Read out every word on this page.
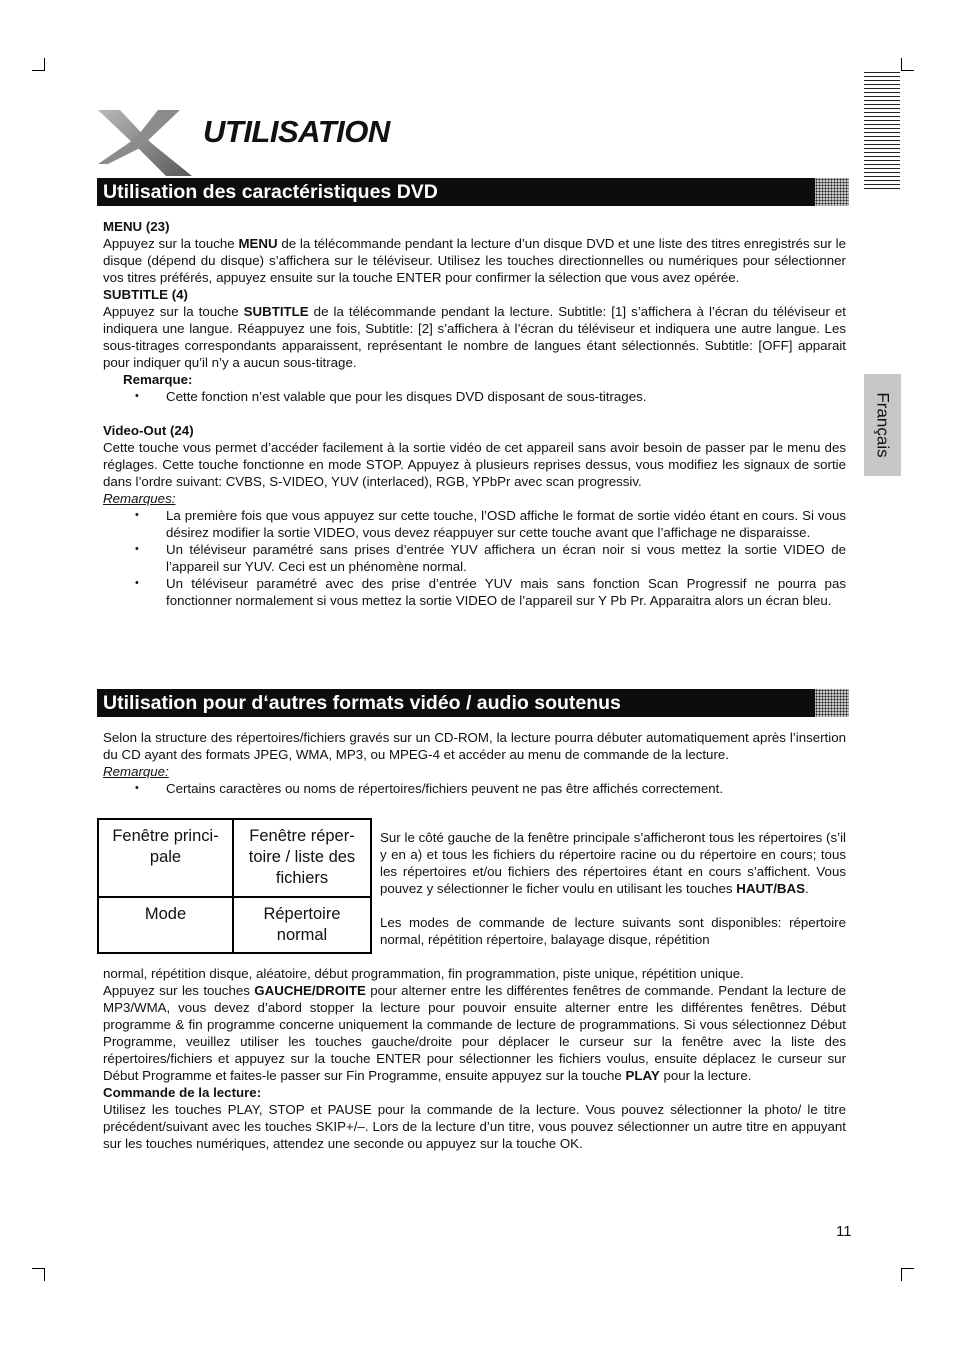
Français
UTILISATION
Utilisation des caractéristiques DVD

MENU (23)

Appuyez sur la touche MENU de la télécommande pendant la lecture d’un disque DVD et une liste des titres enregistrés sur le disque (dépend du disque) s’affichera sur le téléviseur. Utilisez les touches directionnelles ou numériques pour sélectionner vos titres préférés, appuyez ensuite sur la touche ENTER pour confirmer la sélection que vous avez opérée.

SUBTITLE (4)

Appuyez sur la touche SUBTITLE de la télécommande pendant la lecture. Subtitle: [1] s’affichera à l’écran du téléviseur et indiquera une langue. Réappuyez une fois, Subtitle: [2] s’affichera à l’écran du téléviseur et indiquera une autre langue. Les sous-titrages correspondants apparaissent, représentant le nombre de langues étant sélectionnés. Subtitle: [OFF] apparait pour indiquer qu’il n’y a aucun sous-titrage.

Remarque:

• Cette fonction n’est valable que pour les disques DVD disposant de sous-titrages.

Video-Out (24)

Cette touche vous permet d’accéder facilement à la sortie vidéo de cet appareil sans avoir besoin de passer par le menu des réglages. Cette touche fonctionne en mode STOP. Appuyez à plusieurs reprises dessus, vous modifiez les signaux de sortie dans l’ordre suivant: CVBS, S-VIDEO, YUV (interlaced), RGB, YPbPr avec scan progressiv.

Remarques:

• La première fois que vous appuyez sur cette touche, l’OSD affiche le format de sortie vidéo étant en cours. Si vous désirez modifier la sortie VIDEO, vous devez réappuyer sur cette touche avant que l’affichage ne disparaisse.
• Un téléviseur paramétré sans prises d’entrée YUV affichera un écran noir si vous mettez la sortie VIDEO de l’appareil sur YUV. Ceci est un phénomène normal.
• Un téléviseur paramétré avec des prise d’entrée YUV mais sans fonction Scan Progressif ne pourra pas fonctionner normalement si vous mettez la sortie VIDEO de l’appareil sur Y Pb Pr. Apparaitra alors un écran bleu.
Utilisation pour d‘autres formats vidéo / audio soutenus

Selon la structure des répertoires/fichiers gravés sur un CD-ROM, la lecture pourra débuter automatiquement après l’insertion du CD ayant des formats JPEG, WMA, MP3, ou MPEG-4 et accéder au menu de commande de la lecture.

Remarque:

• Certains caractères ou noms de répertoires/fichiers peuvent ne pas être affichés correctement.
Fenêtre princi-pale	Fenêtre réper-toire / liste des fichiers
Mode	Répertoire normal

Sur le côté gauche de la fenêtre principale s’afficheront tous les répertoires (s’il y en a) et tous les fichiers du répertoire racine ou du répertoire en cours; tous les répertoires et/ou fichiers des répertoires étant en cours s’affichent. Vous pouvez y sélectionner le ficher voulu en utilisant les touches HAUT/BAS.

Les modes de commande de lecture suivants sont disponibles: répertoire normal, répétition répertoire, balayage disque, répétition

normal, répétition disque, aléatoire, début programmation, fin programmation, piste unique, répétition unique.

Appuyez sur les touches GAUCHE/DROITE pour alterner entre les différentes fenêtres de commande. Pendant la lecture de MP3/WMA, vous devez d’abord stopper la lecture pour pouvoir ensuite alterner entre les différentes fenêtres. Début programme & fin programme concerne uniquement la commande de lecture de programmations. Si vous sélectionnez Début Programme, veuillez utiliser les touches gauche/droite pour déplacer le curseur sur la fenêtre avec la liste des répertoires/fichiers et appuyez sur la touche ENTER pour sélectionner les fichiers voulus, ensuite déplacez le curseur sur Début Programme et faites-le passer sur Fin Programme, ensuite appuyez sur la touche PLAY pour la lecture.

Commande de la lecture:

Utilisez les touches PLAY, STOP et PAUSE pour la commande de la lecture. Vous pouvez sélectionner la photo/ le titre précédent/suivant avec les touches SKIP+/–. Lors de la lecture d’un titre, vous pouvez sélectionner un autre titre en appuyant sur les touches numériques, attendez une seconde ou appuyez sur la touche OK.

11
